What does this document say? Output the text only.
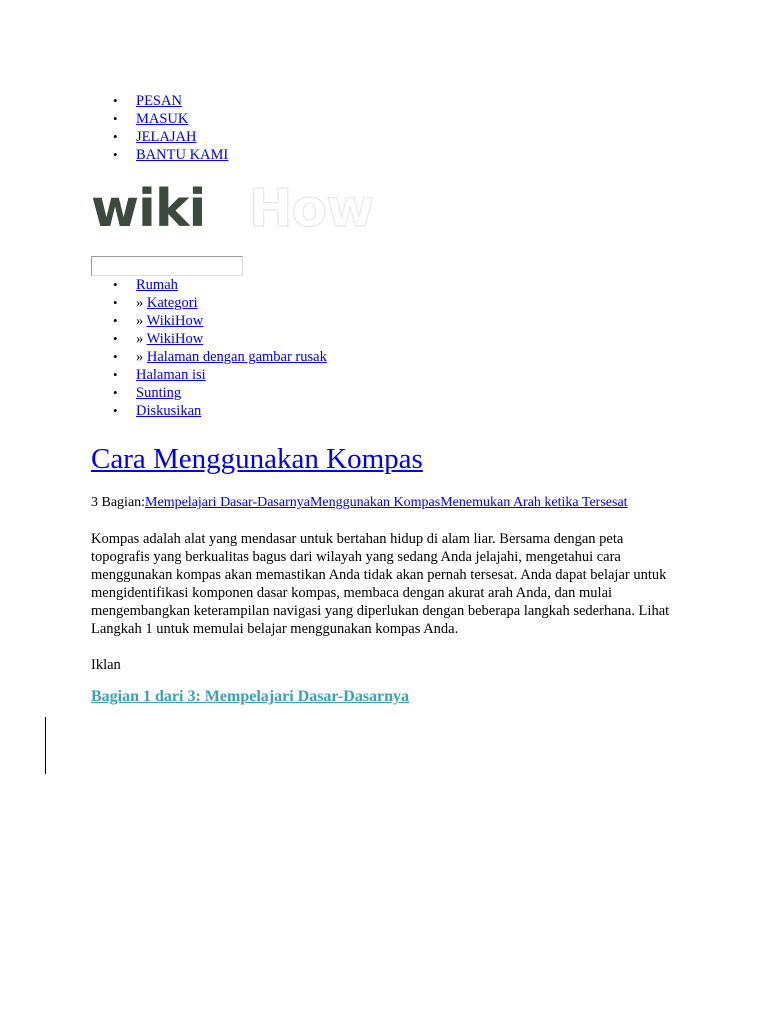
• PESAN
• MASUK
• JELAJAH
• BANTU KAMI
wiki How
• Rumah
• » Kategori
• » WikiHow
• » WikiHow
• » Halaman dengan gambar rusak
• Halaman isi
• Sunting
• Diskusikan
Cara Menggunakan Kompas
3 Bagian:Mempelajari Dasar-DasarnyaMenggunakan KompasMenemukan Arah ketika Tersesat

Kompas adalah alat yang mendasar untuk bertahan hidup di alam liar. Bersama dengan peta topografis yang berkualitas bagus dari wilayah yang sedang Anda jelajahi, mengetahui cara menggunakan kompas akan memastikan Anda tidak akan pernah tersesat. Anda dapat belajar untuk mengidentifikasi komponen dasar kompas, membaca dengan akurat arah Anda, dan mulai mengembangkan keterampilan navigasi yang diperlukan dengan beberapa langkah sederhana. Lihat Langkah 1 untuk memulai belajar menggunakan kompas Anda.

Iklan
Bagian 1 dari 3: Mempelajari Dasar-Dasarnya
